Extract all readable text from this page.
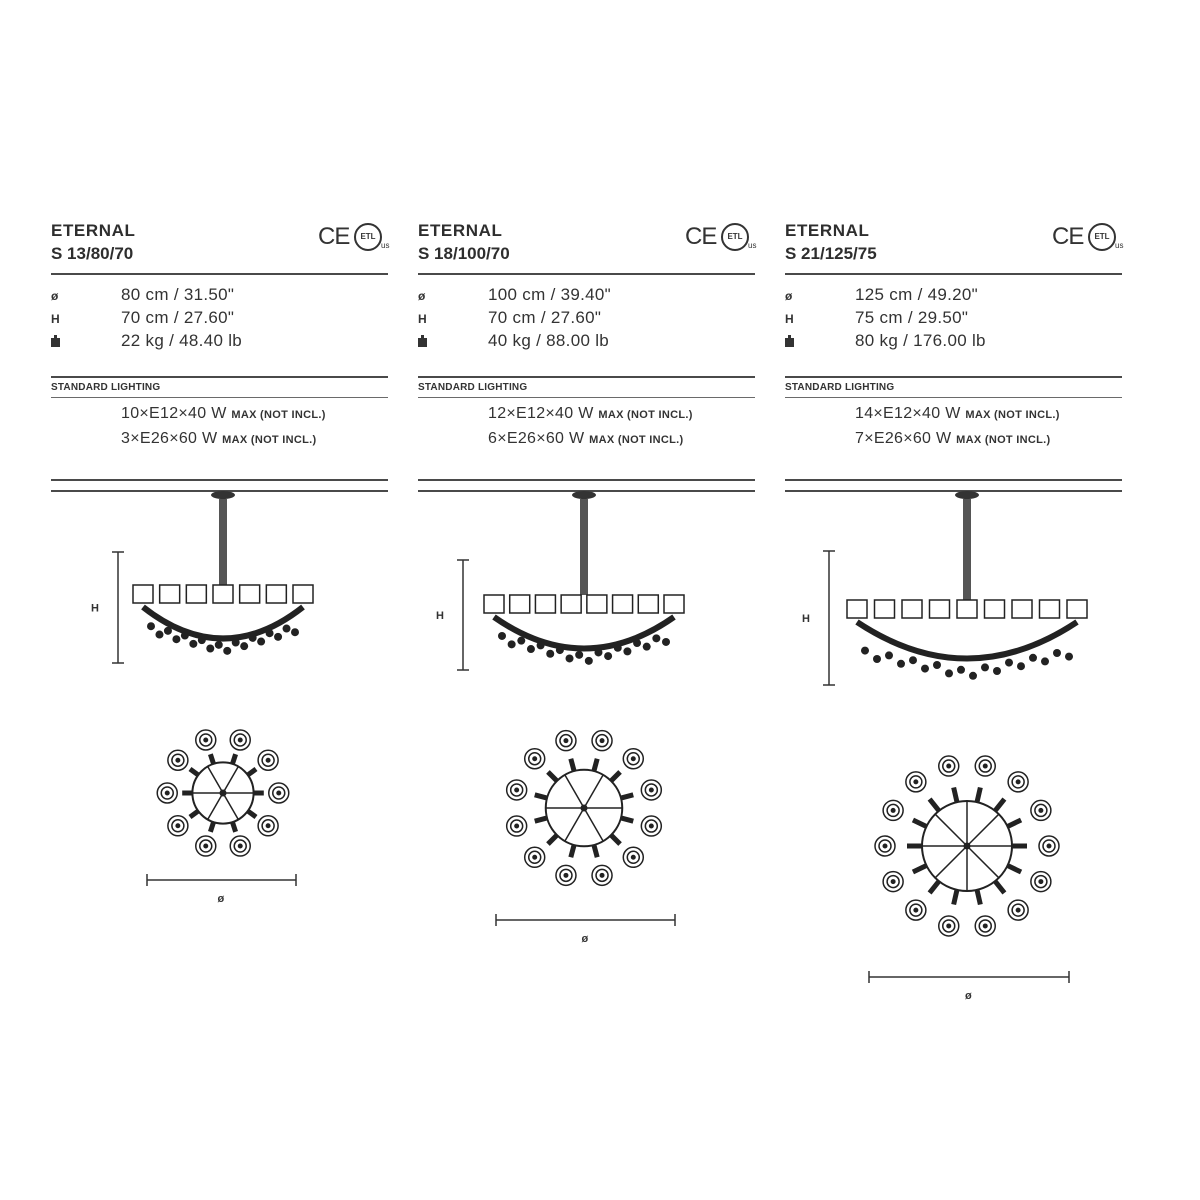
ETERNAL
S 13/80/70
CE	ETL
us
ø	80 cm / 31.50"
H	70 cm / 27.60"
22 kg / 48.40 lb
STANDARD LIGHTING
10×E12×40 W MAX (NOT INCL.)
3×E26×60 W MAX (NOT INCL.)
H
ø
ETERNAL
S 18/100/70
CE	ETL
us
ø	100 cm / 39.40"
H	70 cm / 27.60"
40 kg / 88.00 lb
STANDARD LIGHTING
12×E12×40 W MAX (NOT INCL.)
6×E26×60 W MAX (NOT INCL.)
H
ø
ETERNAL
S 21/125/75
CE	ETL
us
ø	125 cm / 49.20"
H	75 cm / 29.50"
80 kg / 176.00 lb
STANDARD LIGHTING
14×E12×40 W MAX (NOT INCL.)
7×E26×60 W MAX (NOT INCL.)
H
ø
